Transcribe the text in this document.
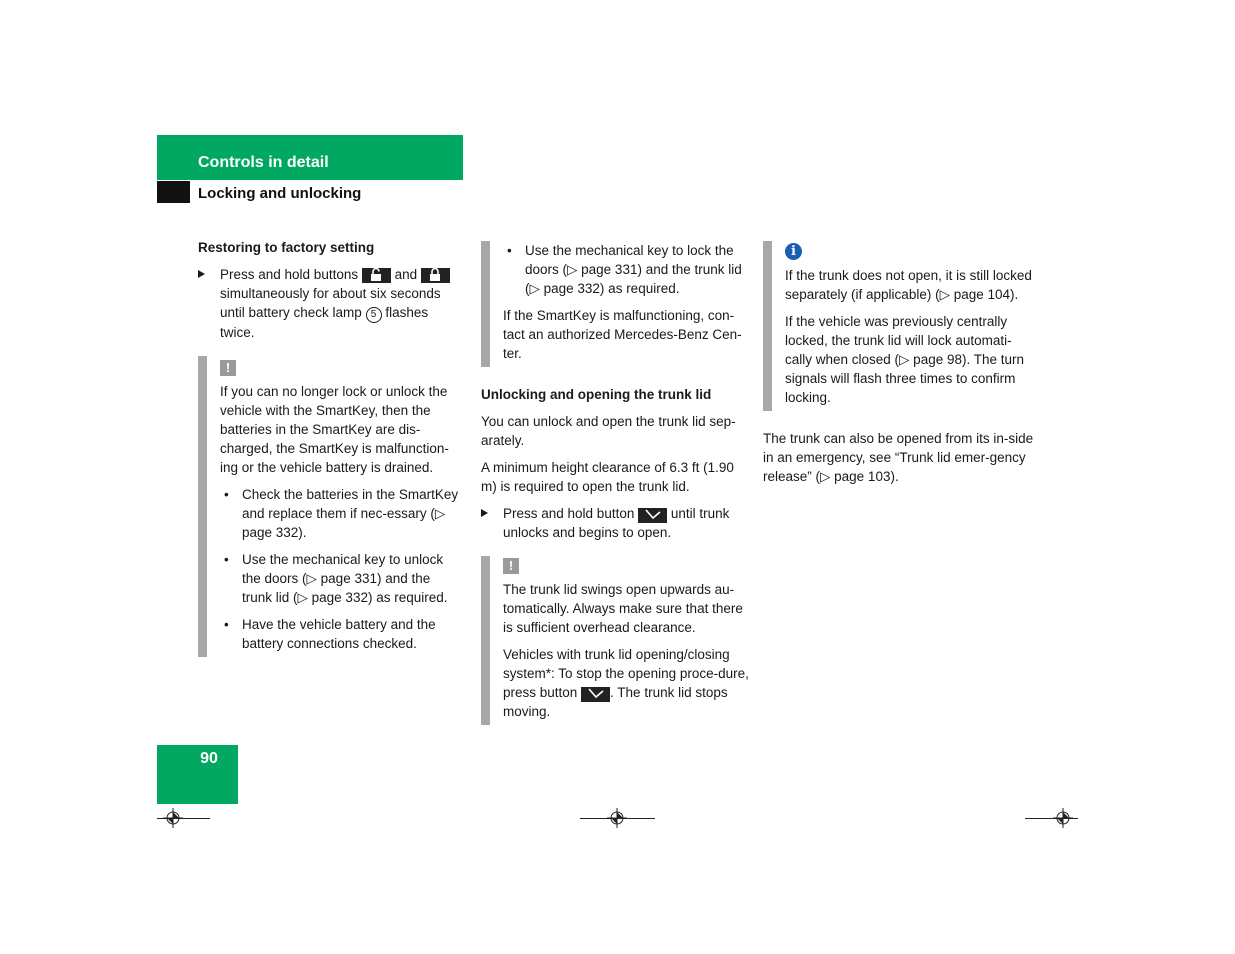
Controls in detail
Locking and unlocking

Restoring to factory setting

Press and hold buttons  and  simultaneously for about six seconds until battery check lamp 5 flashes twice.
!

If you can no longer lock or unlock the vehicle with the SmartKey, then the batteries in the SmartKey are dis-charged, the SmartKey is malfunction-ing or the vehicle battery is drained.

• Check the batteries in the SmartKey and replace them if nec-essary (▷ page 332).
• Use the mechanical key to unlock the doors (▷ page 331) and the trunk lid (▷ page 332) as required.
• Have the vehicle battery and the battery connections checked.
• Use the mechanical key to lock the doors (▷ page 331) and the trunk lid (▷ page 332) as required.

If the SmartKey is malfunctioning, con-tact an authorized Mercedes-Benz Cen-ter.

Unlocking and opening the trunk lid

You can unlock and open the trunk lid sep-arately.

A minimum height clearance of 6.3 ft (1.90 m) is required to open the trunk lid.

Press and hold button  until trunk unlocks and begins to open.
!

The trunk lid swings open upwards au-tomatically. Always make sure that there is sufficient overhead clearance.

Vehicles with trunk lid opening/closing system*: To stop the opening proce-dure, press button . The trunk lid stops moving.

i

If the trunk does not open, it is still locked separately (if applicable) (▷ page 104).

If the vehicle was previously centrally locked, the trunk lid will lock automati-cally when closed (▷ page 98). The turn signals will flash three times to confirm locking.

The trunk can also be opened from its in-side in an emergency, see “Trunk lid emer-gency release” (▷ page 103).

90
